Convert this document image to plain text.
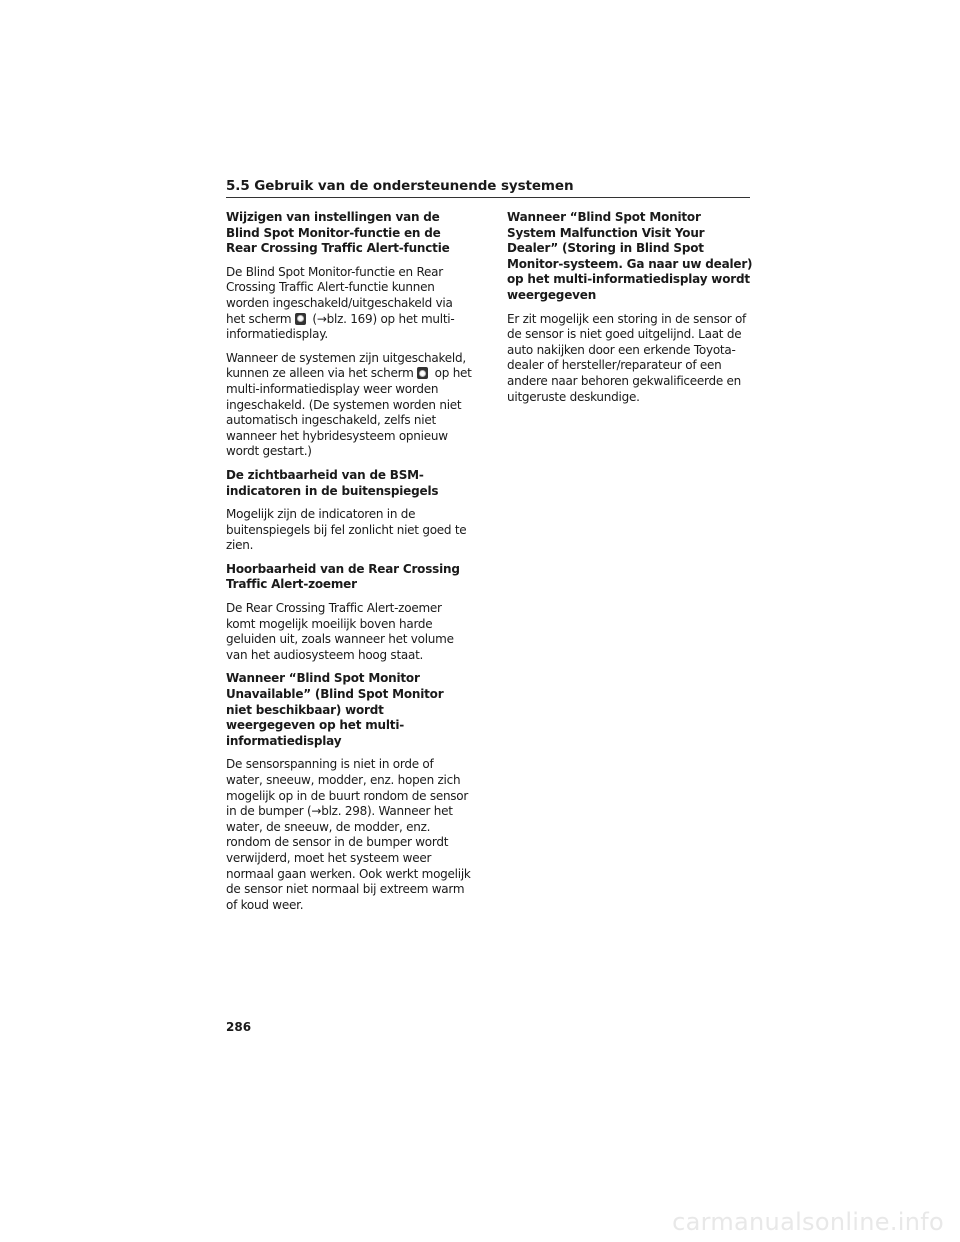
5.5 Gebruik van de ondersteunende systemen
Wijzigen van instellingen van de Blind Spot Monitor-functie en de Rear Crossing Traffic Alert-functie
De Blind Spot Monitor-functie en Rear Crossing Traffic Alert-functie kunnen worden ingeschakeld/uitgeschakeld via het scherm  (→blz. 169) op het multi-informatiedisplay.
Wanneer de systemen zijn uitgeschakeld, kunnen ze alleen via het scherm  op het multi-informatiedisplay weer worden ingeschakeld. (De systemen worden niet automatisch ingeschakeld, zelfs niet wanneer het hybridesysteem opnieuw wordt gestart.)
De zichtbaarheid van de BSM-indicatoren in de buitenspiegels
Mogelijk zijn de indicatoren in de buitenspiegels bij fel zonlicht niet goed te zien.
Hoorbaarheid van de Rear Crossing Traffic Alert-zoemer
De Rear Crossing Traffic Alert-zoemer komt mogelijk moeilijk boven harde geluiden uit, zoals wanneer het volume van het audiosysteem hoog staat.
Wanneer “Blind Spot Monitor Unavailable” (Blind Spot Monitor niet beschikbaar) wordt weergegeven op het multi-informatiedisplay
De sensorspanning is niet in orde of water, sneeuw, modder, enz. hopen zich mogelijk op in de buurt rondom de sensor in de bumper (→blz. 298). Wanneer het water, de sneeuw, de modder, enz. rondom de sensor in de bumper wordt verwijderd, moet het systeem weer normaal gaan werken. Ook werkt mogelijk de sensor niet normaal bij extreem warm of koud weer.
Wanneer “Blind Spot Monitor System Malfunction Visit Your Dealer” (Storing in Blind Spot Monitor-systeem. Ga naar uw dealer) op het multi-informatiedisplay wordt weergegeven
Er zit mogelijk een storing in de sensor of de sensor is niet goed uitgelijnd. Laat de auto nakijken door een erkende Toyota-dealer of hersteller/reparateur of een andere naar behoren gekwalificeerde en uitgeruste deskundige.
286
carmanualsonline.info
